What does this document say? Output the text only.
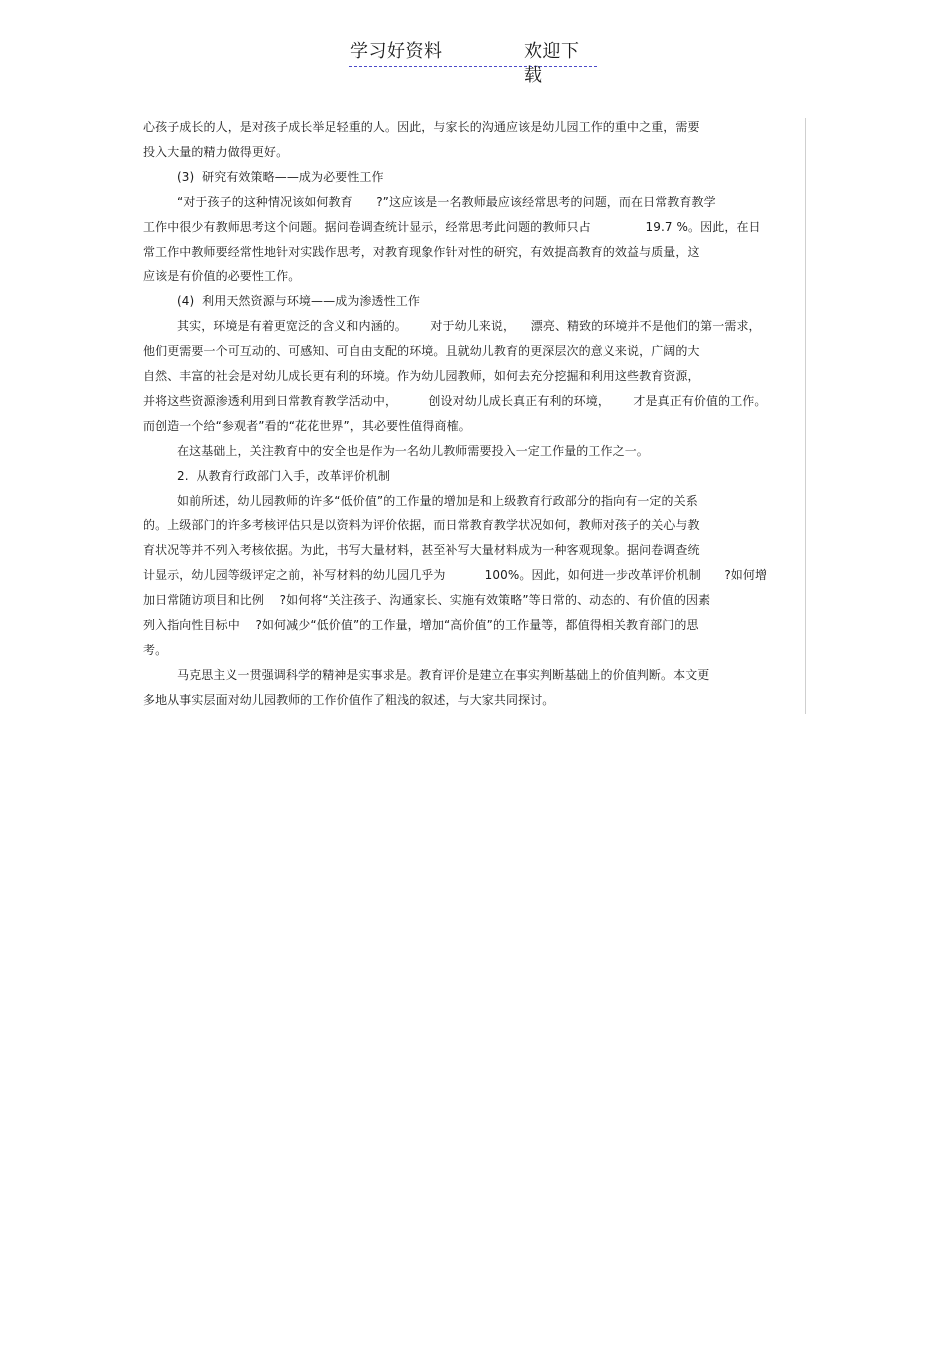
学习好资料	欢迎下载
心孩子成长的人，是对孩子成长举足轻重的人。因此，与家长的沟通应该是幼儿园工作的重中之重，需要
投入大量的精力做得更好。
(3)  研究有效策略——成为必要性工作
“对于孩子的这种情况该如何教育      ?”这应该是一名教师最应该经常思考的问题，而在日常教育教学
工作中很少有教师思考这个问题。据问卷调查统计显示，经常思考此问题的教师只占              19.7 %。因此，在日
常工作中教师要经常性地针对实践作思考，对教育现象作针对性的研究，有效提高教育的效益与质量，这
应该是有价值的必要性工作。
(4)  利用天然资源与环境——成为渗透性工作
其实，环境是有着更宽泛的含义和内涵的。      对于幼儿来说，    漂亮、精致的环境并不是他们的第一需求，
他们更需要一个可互动的、可感知、可自由支配的环境。且就幼儿教育的更深层次的意义来说，广阔的大
自然、丰富的社会是对幼儿成长更有利的环境。作为幼儿园教师，如何去充分挖掘和利用这些教育资源，
并将这些资源渗透利用到日常教育教学活动中，        创设对幼儿成长真正有利的环境，      才是真正有价值的工作。
而创造一个给“参观者”看的“花花世界”，其必要性值得商榷。
在这基础上，关注教育中的安全也是作为一名幼儿教师需要投入一定工作量的工作之一。
2.  从教育行政部门入手，改革评价机制
如前所述，幼儿园教师的许多“低价值”的工作量的增加是和上级教育行政部分的指向有一定的关系
的。上级部门的许多考核评估只是以资料为评价依据，而日常教育教学状况如何，教师对孩子的关心与教
育状况等并不列入考核依据。为此，书写大量材料，甚至补写大量材料成为一种客观现象。据问卷调查统
计显示，幼儿园等级评定之前，补写材料的幼儿园几乎为          100%。因此，如何进一步改革评价机制      ?如何增
加日常随访项目和比例    ?如何将“关注孩子、沟通家长、实施有效策略”等日常的、动态的、有价值的因素
列入指向性目标中    ?如何减少“低价值”的工作量，增加“高价值”的工作量等，都值得相关教育部门的思
考。
马克思主义一贯强调科学的精神是实事求是。教育评价是建立在事实判断基础上的价值判断。本文更
多地从事实层面对幼儿园教师的工作价值作了粗浅的叙述，与大家共同探讨。
